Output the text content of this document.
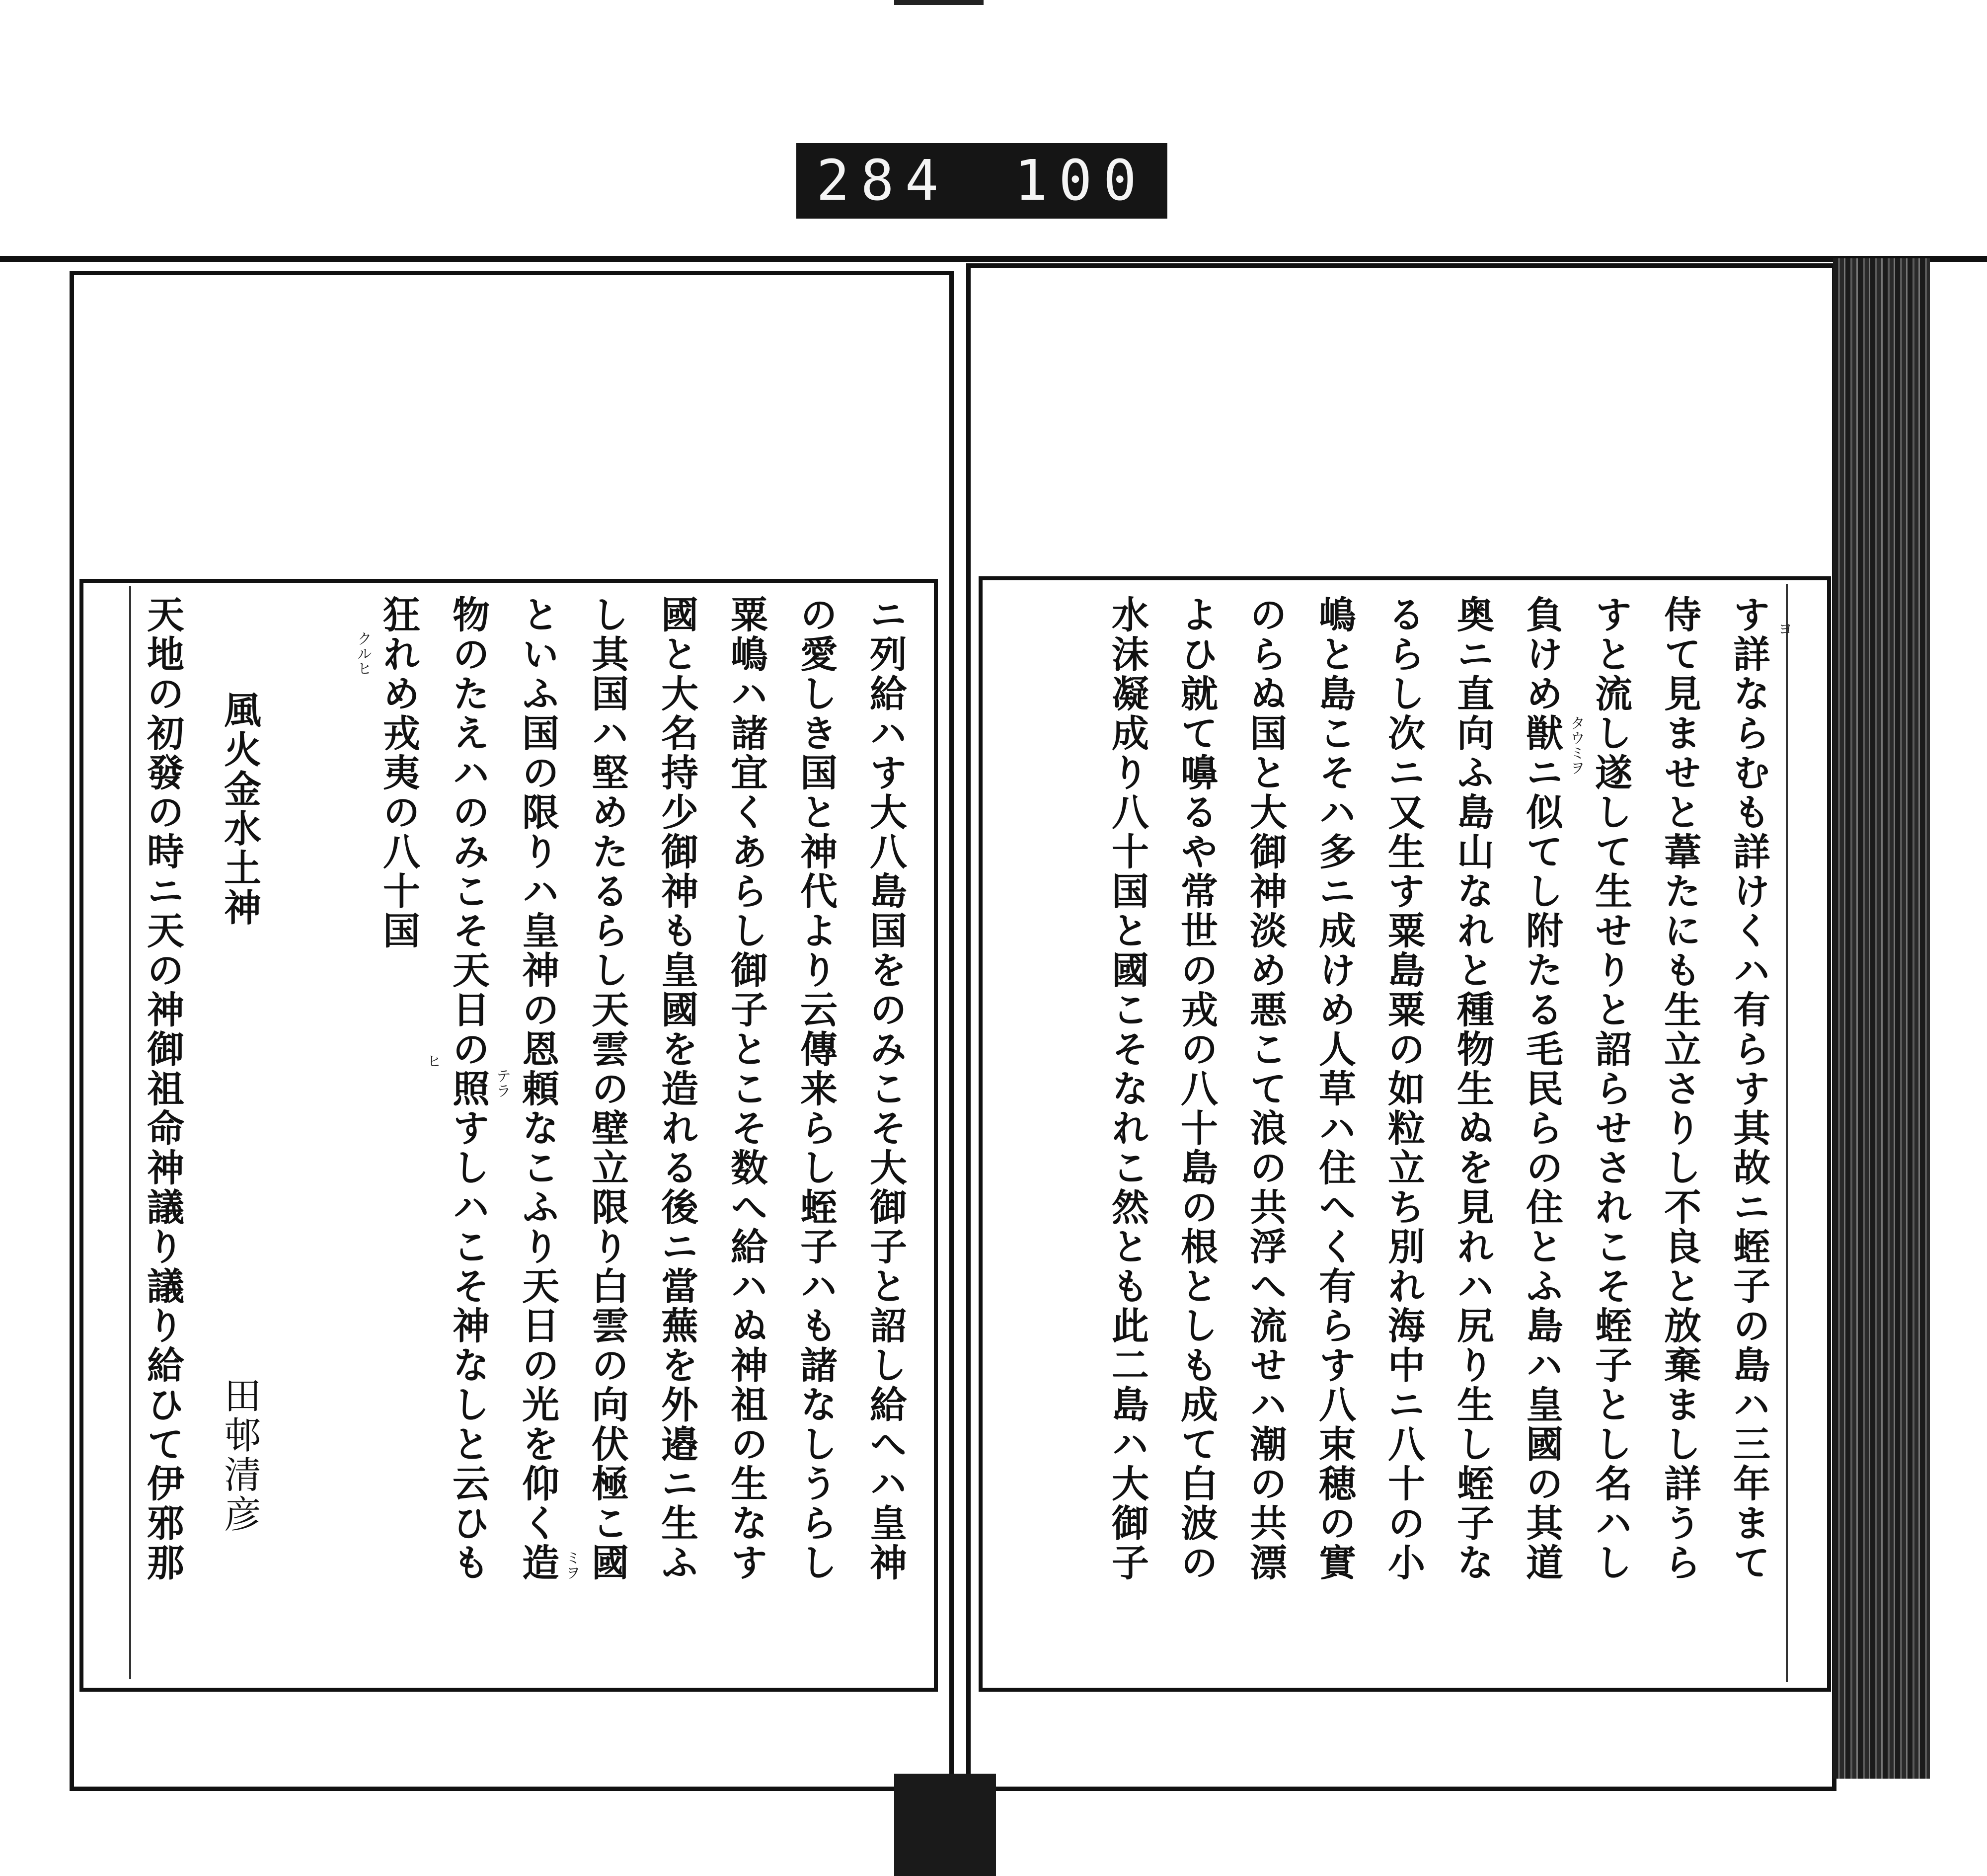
284 100
す詳ならむも詳けくハ有らす其故ニ蛭子の島ハ三年まて
侍て見ませと葦たにも生立さりし不良と放棄まし詳うら
すと流し遂して生せりと詔らせされこそ蛭子とし名ハし
負けめ獣ニ似てし附たる毛民らの住とふ島ハ皇國の其道
奥ニ直向ふ島山なれと種物生ぬを見れハ尻り生し蛭子な
るらし次ニ又生す粟島粟の如粒立ち別れ海中ニ八十の小
嶋と島こそハ多ニ成けめ人草ハ住へく有らす八束穂の實
のらぬ国と大御神淡め悪こて浪の共浮へ流せハ潮の共漂
よひ就て嚊るや常世の戎の八十島の根としも成て白波の
水沫凝成り八十国と國こそなれこ然とも此二島ハ大御子	ヨ
タウミヲ
ニ列給ハす大八島国をのみこそ大御子と詔し給へハ皇神
の愛しき国と神代より云傳来らし蛭子ハも諸なしうらし
粟嶋ハ諸宜くあらし御子とこそ数へ給ハぬ神祖の生なす
國と大名持少御神も皇國を造れる後ニ當蕪を外邉ニ生ふ
し其国ハ堅めたるらし天雲の壁立限り白雲の向伏極こ國
といふ国の限りハ皇神の恩頼なこふり天日の光を仰く造
物のたえハのみこそ天日の照すしハこそ神なしと云ひも
狂れめ戎夷の八十国
ヒ
テラ
ミヲ
クルヒ
風火金水土神
田邨清彦
天地の初發の時ニ天の神御祖命神議り議り給ひて伊邪那
